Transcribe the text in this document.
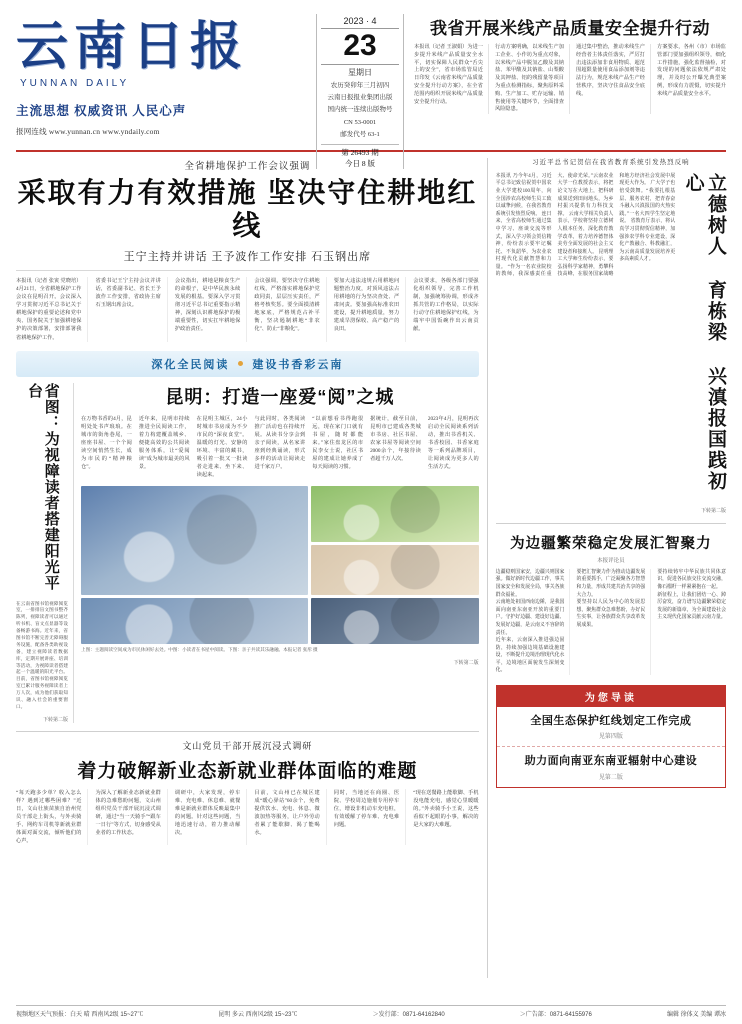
云南日报
YUNNAN DAILY
主流思想 权威资讯 人民心声
报网连线 www.yunnan.cn www.yndaily.com
2023 · 4
23
星期日
农历癸卯年三月初四
云南日报报业集团出版
国内统一连续出版物号
CN 53-0001
邮发代号 63-1
第 26493 期
今日 8 版
我省开展米线产品质量安全提升行动
本报讯（记者 王淑娟）为进一步提升米线产品质量安全水平，切实保障人民群众“舌尖上的安全”，省市场监管局近日印发《云南省米线产品质量安全提升行动方案》，在全省范围内组织开展米线产品质量安全提升行动。
行动方案明确，以米线生产加工企业、小作坊为重点对象，以米线产品中脱氢乙酸及其钠盐、苯甲酸及其钠盐、山梨酸及其钾盐、铝的残留量等项目为重点检测指标，聚焦原料采购、生产加工、贮存运输、销售使用等关键环节，全面排查风险隐患。
通过集中整治，推动米线生产经营者主体责任落实，严厉打击违法添加非食用物质、超范围超限量使用食品添加剂等违法行为，规范米线产品生产经营秩序，坚决守住食品安全底线。
方案要求，各州（市）市场监管部门要加强组织领导，细化工作措施，强化监督抽检，对发现的问题依法依规严肃处理，并及时公开曝光典型案例，形成有力震慑，切实提升米线产品质量安全水平。
全省耕地保护工作会议强调
采取有力有效措施 坚决守住耕地红线
王宁主持并讲话 王予波作工作安排 石玉钢出席
本报讯（记者 张寅 党晓培）4月21日，全省耕地保护工作会议在昆明召开。会议深入学习贯彻习近平总书记关于耕地保护的重要论述和党中央、国务院关于加强耕地保护的决策部署，安排部署我省耕地保护工作。
省委书记王宁主持会议并讲话，省委副书记、省长王予波作工作安排，省政协主席石玉钢出席会议。
会议指出，耕地是粮食生产的命根子，是中华民族永续发展的根基。要深入学习贯彻习近平总书记重要指示精神，深刻认识耕地保护的极端重要性，切实扛牢耕地保护政治责任。
会议强调，要坚决守住耕地红线，严格落实耕地保护党政同责，层层压实责任，严格考核奖惩。要全面摸清耕地家底，严格规范占补平衡，坚决遏制耕地“非农化”、防止“非粮化”。
要加大违法违规占用耕地问题整治力度，对顶风违法占用耕地的行为坚决查处、严肃问责。要加强高标准农田建设，提升耕地质量，努力建成旱涝保收、高产稳产的良田。
会议要求，各级各部门要强化组织领导，完善工作机制，加强统筹协调，形成齐抓共管的工作格局，以实际行动守住耕地保护红线，为端牢中国饭碗作出云南贡献。
深化全民阅读 建设书香彩云南
省图：为视障读者搭建阳光平台
在云南省图书馆视障阅览室，一排排盲文图书整齐陈列，视障读者可以通过听书机、盲文点显器等设备畅游书海。近年来，省图书馆不断完善无障碍服务设施，配备各类助视设备，建立视障读者数据库，定期开展讲座、培训等活动，为视障读者搭建起一个温暖的阳光平台。目前，省图书馆视障阅览室已累计服务视障读者上万人次，成为他们获取知识、融入社会的重要窗口。
下转第二版
昆明：打造一座爱“阅”之城
在万物书香的4月，昆明处处书声琅琅。在城市的街角巷尾，一座座书屋、一个个阅读空间悄然生长，成为市民的“精神粮仓”。
近年来，昆明市持续推进全民阅读工作，着力构建覆盖城乡、便捷高效的公共阅读服务体系，让“爱阅读”成为城市最美的风景。
在昆明主城区，24小时城市书房成为不少市民的“深夜食堂”。温暖的灯光、安静的环境、丰富的藏书，吸引着一批又一批读者走进来、坐下来、读起来。
与此同时，各类阅读推广活动也在持续开展。从读书分享会到亲子阅读，从名家讲座到经典诵读，形式多样的活动让阅读走进千家万户。
“以前想看书得跑很远，现在家门口就有书屋，随时都能来。”家住盘龙区的市民李女士说，社区书屋的建成让她养成了每天阅读的习惯。
据统计，截至目前，昆明市已建成各类城市书房、社区书屋、农家书屋等阅读空间2000余个，年接待读者超千万人次。
2023年4月，昆明再次启动全民阅读系列活动，推出书香机关、书香校园、书香家庭等一系列品牌项目，让阅读成为更多人的生活方式。
上图：主题阅读空间成为市民休闲好去处。中图：小读者在书屋中阅读。下图：亲子共读其乐融融。本报记者 张彤 摄
下转第二版
文山党员干部开展沉浸式调研
着力破解新业态新就业群体面临的难题
“每天跑多少单？收入怎么样？遇到过哪些困难？”近日，文山壮族苗族自治州党员干部走上街头，与外卖骑手、网约车司机等新就业群体面对面交流，倾听他们的心声。
为深入了解新业态新就业群体的急难愁盼问题，文山州组织党员干部开展沉浸式调研，通过“当一天骑手”“跟车一日行”等方式，切身感受从业者的工作状态。
调研中，大家发现，停车难、充电难、休息难、就餐难是新就业群体反映最集中的问题。针对这些问题，当地迅速行动，着力推动解决。
目前，文山州已在城区建成“暖心驿站”60余个，免费提供饮水、充电、休息、微波加热等服务，让户外劳动者累了能歇脚、渴了能喝水。
同时，当地还在商圈、医院、学校周边施划专用停车位，增设非机动车充电桩，有效缓解了停车难、充电难问题。
“现在送餐路上能歇脚、手机没电能充电，感觉心里暖暖的。”外卖骑手小王说，这些看似不起眼的小事，解决的是大家的大难题。
习近平总书记贺信在我省教育系统引发热烈反响
本报讯 乃今年4月，习近平总书记致信祝贺中国农业大学建校100周年，向全国涉农高校师生员工致以诚挚问候，在我省教育系统引发热烈反响。 连日来，全省高校师生通过集中学习、座谈交流等形式，深入学习领会贺信精神，纷纷表示要牢记嘱托、不负韶华，为农业农村现代化贡献智慧和力量。 “作为一名农业院校的教师，我深感责任重大、使命光荣。”云南农业大学一位教授表示，将把论文写在大地上，把科研成果送到田间地头，为乡村振兴提供有力科技支撑。 云南大学相关负责人表示，学校将坚持立德树人根本任务，深化教育教学改革，着力培养德智体美劳全面发展的社会主义建设者和接班人。 昆明理工大学师生纷纷表示，要弘扬科学家精神，勇攀科技高峰，在服务国家战略和地方经济社会发展中展现更大作为。 广大学子也倍受鼓舞。“我要扎根基层、服务农村，把青春奋斗融入兴滇报国的火热实践。”一名大四学生坚定地说。 省教育厅表示，将认真学习贯彻贺信精神，加强涉农学科专业建设，深化产教融合、科教融汇，为云南高质量发展培养更多高素质人才。	立德树人 育栋梁 兴滇报国践初心
下转第二版
为边疆繁荣稳定发展汇智聚力
本报评论员
边疆稳则国家安，边疆兴则国家强。做好新时代边疆工作，事关国家安全和发展全局，事关各族群众福祉。
云南地处祖国西南边陲，是我国面向南亚东南亚开放的重要门户。守护好边疆、建设好边疆、发展好边疆，是云南义不容辞的责任。
近年来，云南深入推进强边固防，持续加强边境基础设施建设，不断提升边境治理现代化水平，边境地区面貌发生深刻变化。
要把汇智聚力作为推动边疆发展的重要抓手，广泛凝聚各方智慧和力量，形成共建共治共享的强大合力。
要坚持以人民为中心的发展思想，聚焦群众急难愁盼，办好民生实事，让各族群众共享改革发展成果。
要持续铸牢中华民族共同体意识，促进各民族交往交流交融，像石榴籽一样紧紧抱在一起。
新征程上，让我们团结一心、踔厉奋发，奋力谱写边疆繁荣稳定发展的新篇章，为全面建设社会主义现代化国家贡献云南力量。
为您导读
全国生态保护红线划定工作完成
见第四版
助力面向南亚东南亚辐射中心建设
见第二版
视频地区天气预报：白天 晴 西南风2级 15~27℃	昆明 多云 西南风2级 15~23℃	＞发行部：0871-64162840	＞广告部：0871-64155976	编辑 徐体义 美编 谭冰
